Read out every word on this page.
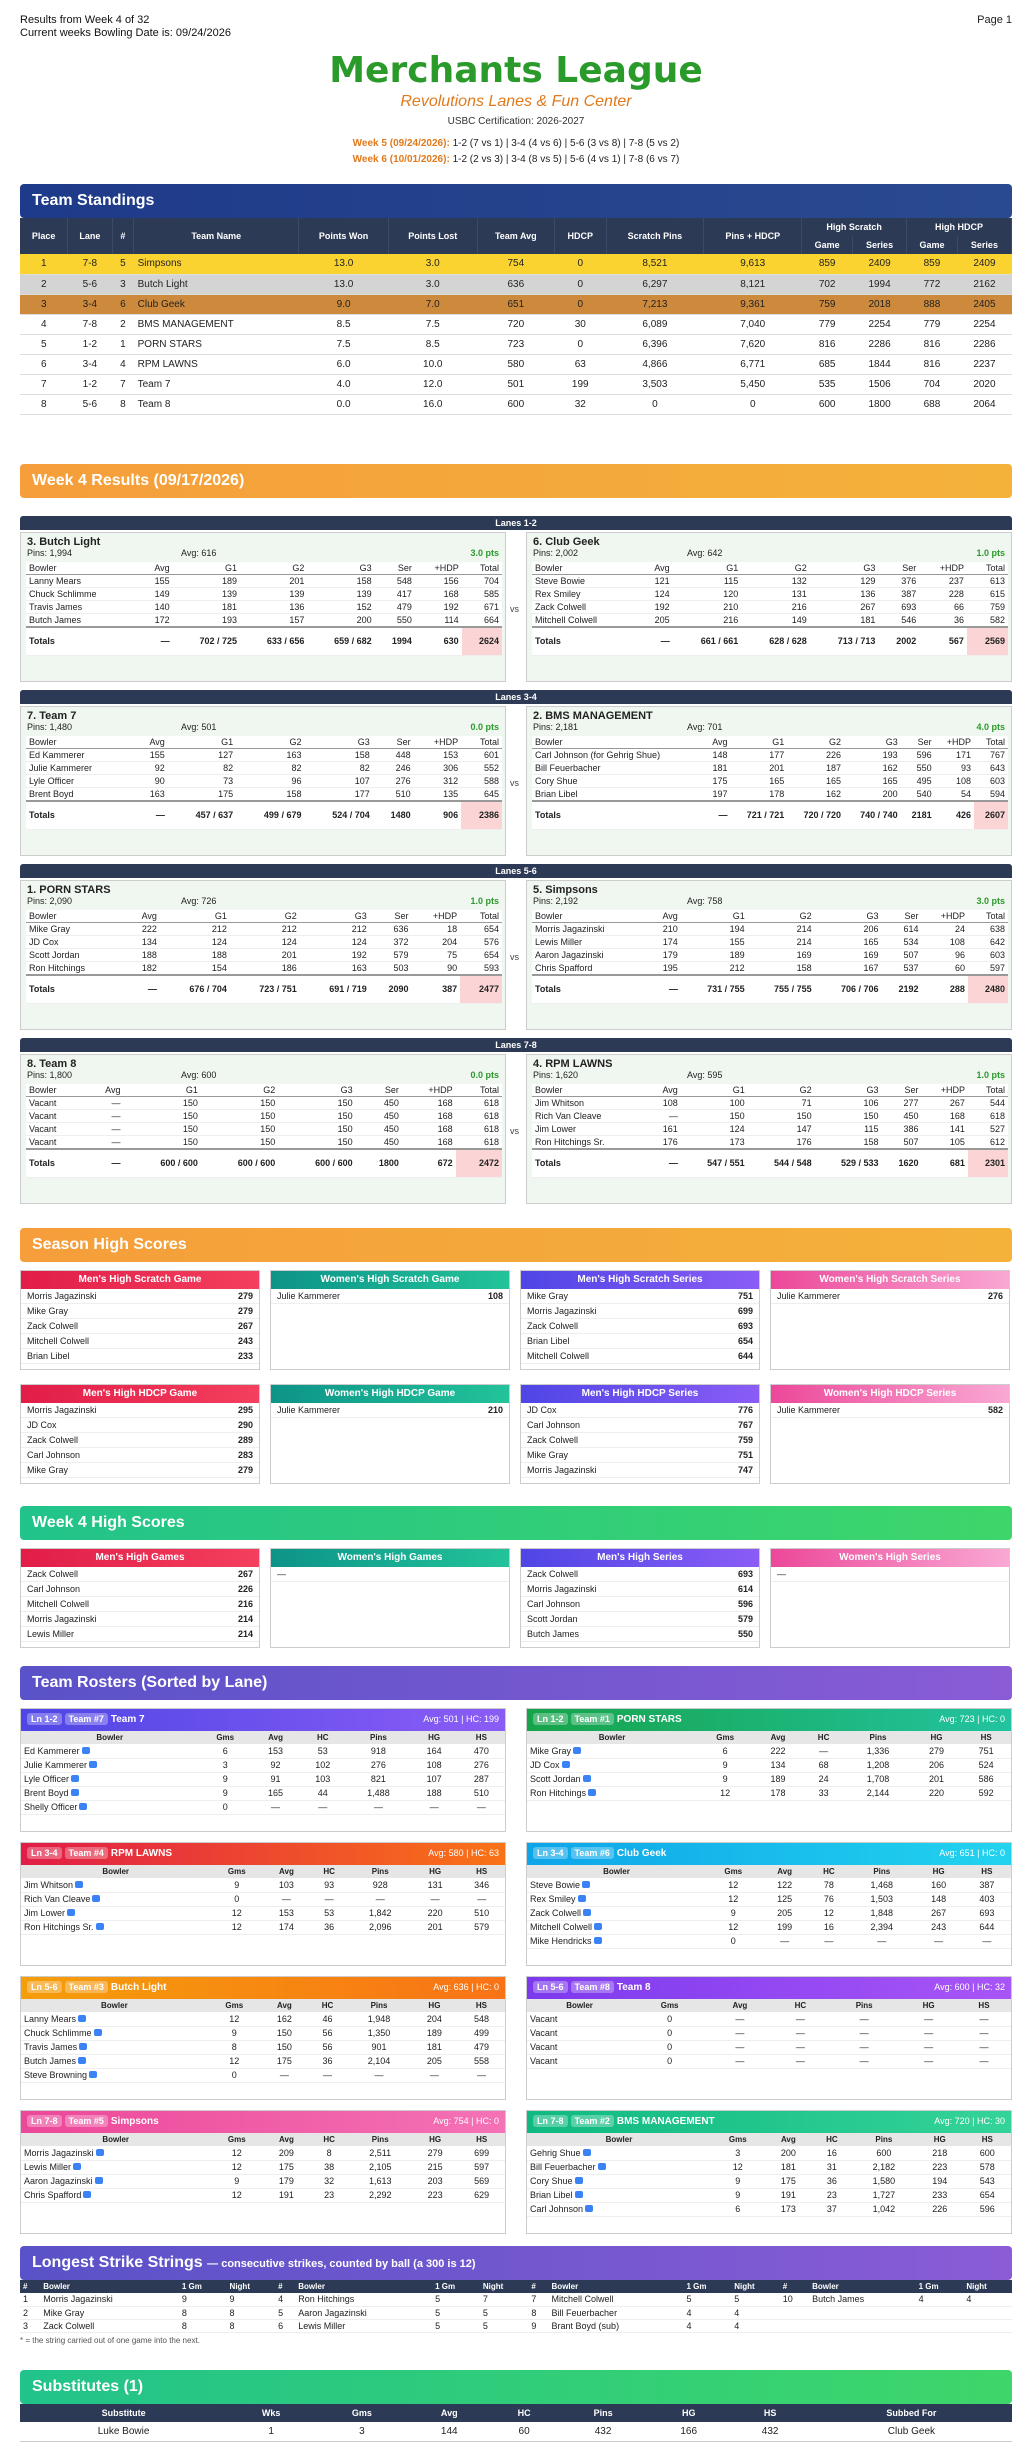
Results from Week 4 of 32
Current weeks Bowling Date is: 09/24/2026
Page 1
Merchants League
Revolutions Lanes & Fun Center
USBC Certification: 2026-2027
Week 5 (09/24/2026): 1-2 (7 vs 1) | 3-4 (4 vs 6) | 5-6 (3 vs 8) | 7-8 (5 vs 2)
Week 6 (10/01/2026): 1-2 (2 vs 3) | 3-4 (8 vs 5) | 5-6 (4 vs 1) | 7-8 (6 vs 7)
Team Standings
Place	Lane	#	Team Name	Points Won	Points Lost	Team Avg	HDCP	Scratch Pins	Pins + HDCP	High Scratch		High HDCP	
										Game	Series	Game	Series
1	7-8	5	Simpsons	13.0	3.0	754	0	8,521	9,613	859	2409	859	2409
2	5-6	3	Butch Light	13.0	3.0	636	0	6,297	8,121	702	1994	772	2162
3	3-4	6	Club Geek	9.0	7.0	651	0	7,213	9,361	759	2018	888	2405
4	7-8	2	BMS MANAGEMENT	8.5	7.5	720	30	6,089	7,040	779	2254	779	2254
5	1-2	1	PORN STARS	7.5	8.5	723	0	6,396	7,620	816	2286	816	2286
6	3-4	4	RPM LAWNS	6.0	10.0	580	63	4,866	6,771	685	1844	816	2237
7	1-2	7	Team 7	4.0	12.0	501	199	3,503	5,450	535	1506	704	2020
8	5-6	8	Team 8	0.0	16.0	600	32	0	0	600	1800	688	2064
Week 4 Results (09/17/2026)
Lanes 1-2
3. Butch Light
Pins: 1,994	Avg: 616	3.0 pts
Bowler	Avg	G1	G2	G3	Ser	+HDP	Total
Lanny Mears	155	189	201	158	548	156	704
Chuck Schlimme	149	139	139	139	417	168	585
Travis James	140	181	136	152	479	192	671
Butch James	172	193	157	200	550	114	664
Totals	—	702 / 725	633 / 656	659 / 682	1994	630	2624
6. Club Geek
Pins: 2,002	Avg: 642	1.0 pts
Bowler	Avg	G1	G2	G3	Ser	+HDP	Total
Steve Bowie	121	115	132	129	376	237	613
Rex Smiley	124	120	131	136	387	228	615
Zack Colwell	192	210	216	267	693	66	759
Mitchell Colwell	205	216	149	181	546	36	582
Totals	—	661 / 661	628 / 628	713 / 713	2002	567	2569
vs
Lanes 3-4
7. Team 7
Pins: 1,480	Avg: 501	0.0 pts
Bowler	Avg	G1	G2	G3	Ser	+HDP	Total
Ed Kammerer	155	127	163	158	448	153	601
Julie Kammerer	92	82	82	82	246	306	552
Lyle Officer	90	73	96	107	276	312	588
Brent Boyd	163	175	158	177	510	135	645
Totals	—	457 / 637	499 / 679	524 / 704	1480	906	2386
2. BMS MANAGEMENT
Pins: 2,181	Avg: 701	4.0 pts
Bowler	Avg	G1	G2	G3	Ser	+HDP	Total
Carl Johnson (for Gehrig Shue)	148	177	226	193	596	171	767
Bill Feuerbacher	181	201	187	162	550	93	643
Cory Shue	175	165	165	165	495	108	603
Brian Libel	197	178	162	200	540	54	594
Totals	—	721 / 721	720 / 720	740 / 740	2181	426	2607
vs
Lanes 5-6
1. PORN STARS
Pins: 2,090	Avg: 726	1.0 pts
Bowler	Avg	G1	G2	G3	Ser	+HDP	Total
Mike Gray	222	212	212	212	636	18	654
JD Cox	134	124	124	124	372	204	576
Scott Jordan	188	188	201	192	579	75	654
Ron Hitchings	182	154	186	163	503	90	593
Totals	—	676 / 704	723 / 751	691 / 719	2090	387	2477
5. Simpsons
Pins: 2,192	Avg: 758	3.0 pts
Bowler	Avg	G1	G2	G3	Ser	+HDP	Total
Morris Jagazinski	210	194	214	206	614	24	638
Lewis Miller	174	155	214	165	534	108	642
Aaron Jagazinski	179	189	169	169	507	96	603
Chris Spafford	195	212	158	167	537	60	597
Totals	—	731 / 755	755 / 755	706 / 706	2192	288	2480
vs
Lanes 7-8
8. Team 8
Pins: 1,800	Avg: 600	0.0 pts
Bowler	Avg	G1	G2	G3	Ser	+HDP	Total
Vacant	—	150	150	150	450	168	618
Vacant	—	150	150	150	450	168	618
Vacant	—	150	150	150	450	168	618
Vacant	—	150	150	150	450	168	618
Totals	—	600 / 600	600 / 600	600 / 600	1800	672	2472
4. RPM LAWNS
Pins: 1,620	Avg: 595	1.0 pts
Bowler	Avg	G1	G2	G3	Ser	+HDP	Total
Jim Whitson	108	100	71	106	277	267	544
Rich Van Cleave	—	150	150	150	450	168	618
Jim Lower	161	124	147	115	386	141	527
Ron Hitchings Sr.	176	173	176	158	507	105	612
Totals	—	547 / 551	544 / 548	529 / 533	1620	681	2301
vs
Season High Scores
Men's High Scratch Game
Morris Jagazinski	279
Mike Gray	279
Zack Colwell	267
Mitchell Colwell	243
Brian Libel	233
Women's High Scratch Game
Julie Kammerer	108
Men's High Scratch Series
Mike Gray	751
Morris Jagazinski	699
Zack Colwell	693
Brian Libel	654
Mitchell Colwell	644
Women's High Scratch Series
Julie Kammerer	276
Men's High HDCP Game
Morris Jagazinski	295
JD Cox	290
Zack Colwell	289
Carl Johnson	283
Mike Gray	279
Women's High HDCP Game
Julie Kammerer	210
Men's High HDCP Series
JD Cox	776
Carl Johnson	767
Zack Colwell	759
Mike Gray	751
Morris Jagazinski	747
Women's High HDCP Series
Julie Kammerer	582
Week 4 High Scores
Men's High Games
Zack Colwell	267
Carl Johnson	226
Mitchell Colwell	216
Morris Jagazinski	214
Lewis Miller	214
Women's High Games
—
Men's High Series
Zack Colwell	693
Morris Jagazinski	614
Carl Johnson	596
Scott Jordan	579
Butch James	550
Women's High Series
—
Team Rosters (Sorted by Lane)
Ln 1-2 Team #7 Team 7	Avg: 501 | HC: 199
Bowler	Gms	Avg	HC	Pins	HG	HS
Ed Kammerer	6	153	53	918	164	470
Julie Kammerer	3	92	102	276	108	276
Lyle Officer	9	91	103	821	107	287
Brent Boyd	9	165	44	1,488	188	510
Shelly Officer	0	—	—	—	—	—
Ln 1-2 Team #1 PORN STARS	Avg: 723 | HC: 0
Bowler	Gms	Avg	HC	Pins	HG	HS
Mike Gray	6	222	—	1,336	279	751
JD Cox	9	134	68	1,208	206	524
Scott Jordan	9	189	24	1,708	201	586
Ron Hitchings	12	178	33	2,144	220	592
Ln 3-4 Team #4 RPM LAWNS	Avg: 580 | HC: 63
Bowler	Gms	Avg	HC	Pins	HG	HS
Jim Whitson	9	103	93	928	131	346
Rich Van Cleave	0	—	—	—	—	—
Jim Lower	12	153	53	1,842	220	510
Ron Hitchings Sr.	12	174	36	2,096	201	579
Ln 3-4 Team #6 Club Geek	Avg: 651 | HC: 0
Bowler	Gms	Avg	HC	Pins	HG	HS
Steve Bowie	12	122	78	1,468	160	387
Rex Smiley	12	125	76	1,503	148	403
Zack Colwell	9	205	12	1,848	267	693
Mitchell Colwell	12	199	16	2,394	243	644
Mike Hendricks	0	—	—	—	—	—
Ln 5-6 Team #3 Butch Light	Avg: 636 | HC: 0
Bowler	Gms	Avg	HC	Pins	HG	HS
Lanny Mears	12	162	46	1,948	204	548
Chuck Schlimme	9	150	56	1,350	189	499
Travis James	8	150	56	901	181	479
Butch James	12	175	36	2,104	205	558
Steve Browning	0	—	—	—	—	—
Ln 5-6 Team #8 Team 8	Avg: 600 | HC: 32
Bowler	Gms	Avg	HC	Pins	HG	HS
Vacant	0	—	—	—	—	—
Vacant	0	—	—	—	—	—
Vacant	0	—	—	—	—	—
Vacant	0	—	—	—	—	—
Ln 7-8 Team #5 Simpsons	Avg: 754 | HC: 0
Bowler	Gms	Avg	HC	Pins	HG	HS
Morris Jagazinski	12	209	8	2,511	279	699
Lewis Miller	12	175	38	2,105	215	597
Aaron Jagazinski	9	179	32	1,613	203	569
Chris Spafford	12	191	23	2,292	223	629
Ln 7-8 Team #2 BMS MANAGEMENT	Avg: 720 | HC: 30
Bowler	Gms	Avg	HC	Pins	HG	HS
Gehrig Shue	3	200	16	600	218	600
Bill Feuerbacher	12	181	31	2,182	223	578
Cory Shue	9	175	36	1,580	194	543
Brian Libel	9	191	23	1,727	233	654
Carl Johnson	6	173	37	1,042	226	596
Longest Strike Strings — consecutive strikes, counted by ball (a 300 is 12)
#	Bowler	1 Gm	Night	#	Bowler	1 Gm	Night	#	Bowler	1 Gm	Night	#	Bowler	1 Gm	Night
1	Morris Jagazinski	9	9	4	Ron Hitchings	5	7	7	Mitchell Colwell	5	5	10	Butch James	4	4
2	Mike Gray	8	8	5	Aaron Jagazinski	5	5	8	Bill Feuerbacher	4	4				
3	Zack Colwell	8	8	6	Lewis Miller	5	5	9	Brant Boyd (sub)	4	4				
* = the string carried out of one game into the next.
Substitutes (1)
Substitute	Wks	Gms	Avg	HC	Pins	HG	HS	Subbed For
Luke Bowie	1	3	144	60	432	166	432	Club Geek
